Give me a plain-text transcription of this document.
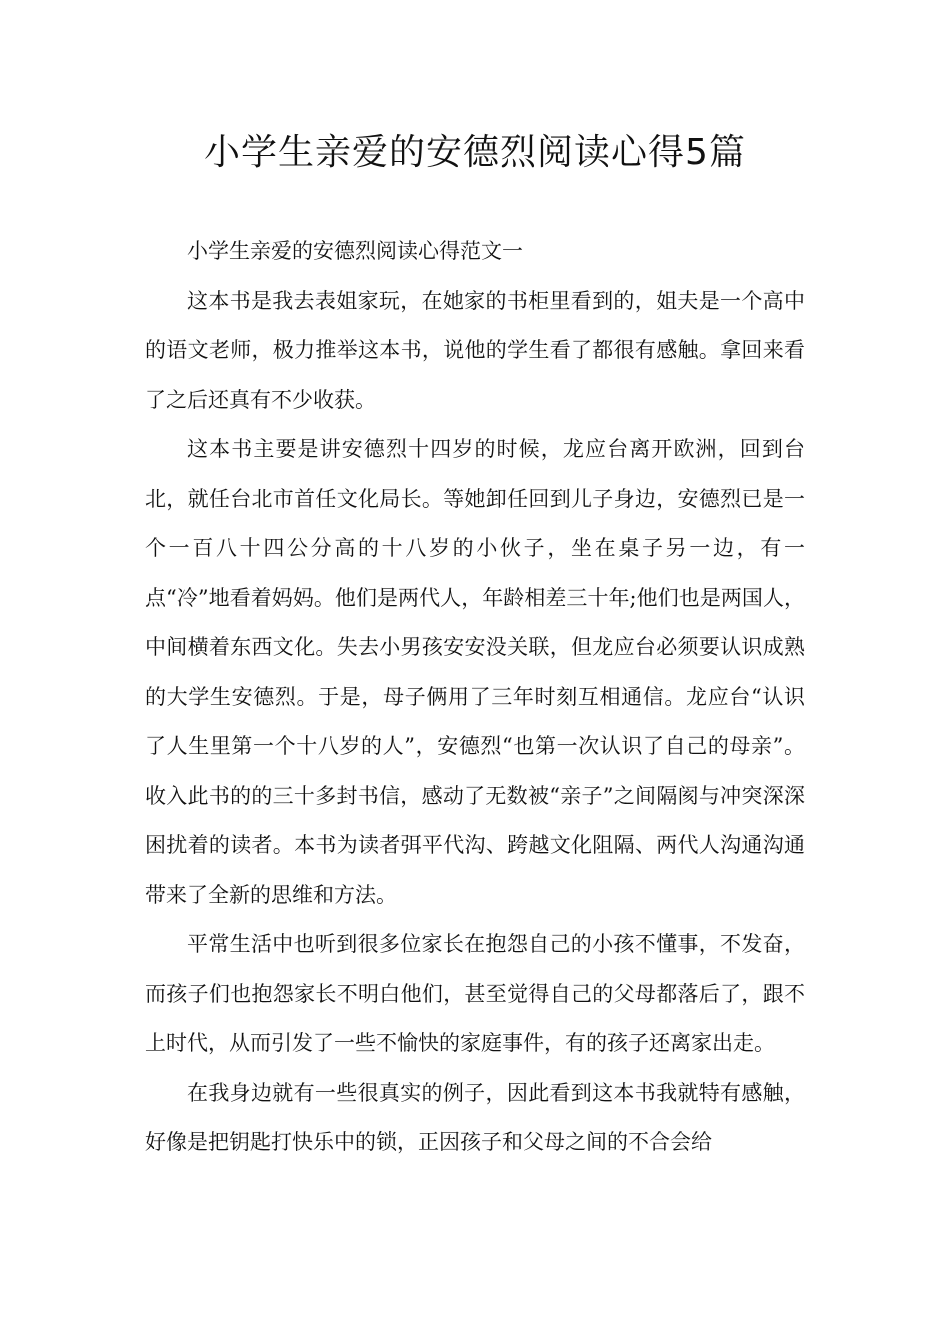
小学生亲爱的安德烈阅读心得5篇

小学生亲爱的安德烈阅读心得范文一

这本书是我去表姐家玩，在她家的书柜里看到的，姐夫是一个高中的语文老师，极力推举这本书，说他的学生看了都很有感触。拿回来看了之后还真有不少收获。

这本书主要是讲安德烈十四岁的时候，龙应台离开欧洲，回到台北，就任台北市首任文化局长。等她卸任回到儿子身边，安德烈已是一个一百八十四公分高的十八岁的小伙子，坐在桌子另一边，有一点“冷”地看着妈妈。他们是两代人，年龄相差三十年;他们也是两国人，中间横着东西文化。失去小男孩安安没关联，但龙应台必须要认识成熟的大学生安德烈。于是，母子俩用了三年时刻互相通信。龙应台“认识了人生里第一个十八岁的人”，安德烈“也第一次认识了自己的母亲”。收入此书的的三十多封书信，感动了无数被“亲子”之间隔阂与冲突深深困扰着的读者。本书为读者弭平代沟、跨越文化阻隔、两代人沟通沟通带来了全新的思维和方法。

平常生活中也听到很多位家长在抱怨自己的小孩不懂事，不发奋，而孩子们也抱怨家长不明白他们，甚至觉得自己的父母都落后了，跟不上时代，从而引发了一些不愉快的家庭事件，有的孩子还离家出走。

在我身边就有一些很真实的例子，因此看到这本书我就特有感触，好像是把钥匙打快乐中的锁，正因孩子和父母之间的不合会给
